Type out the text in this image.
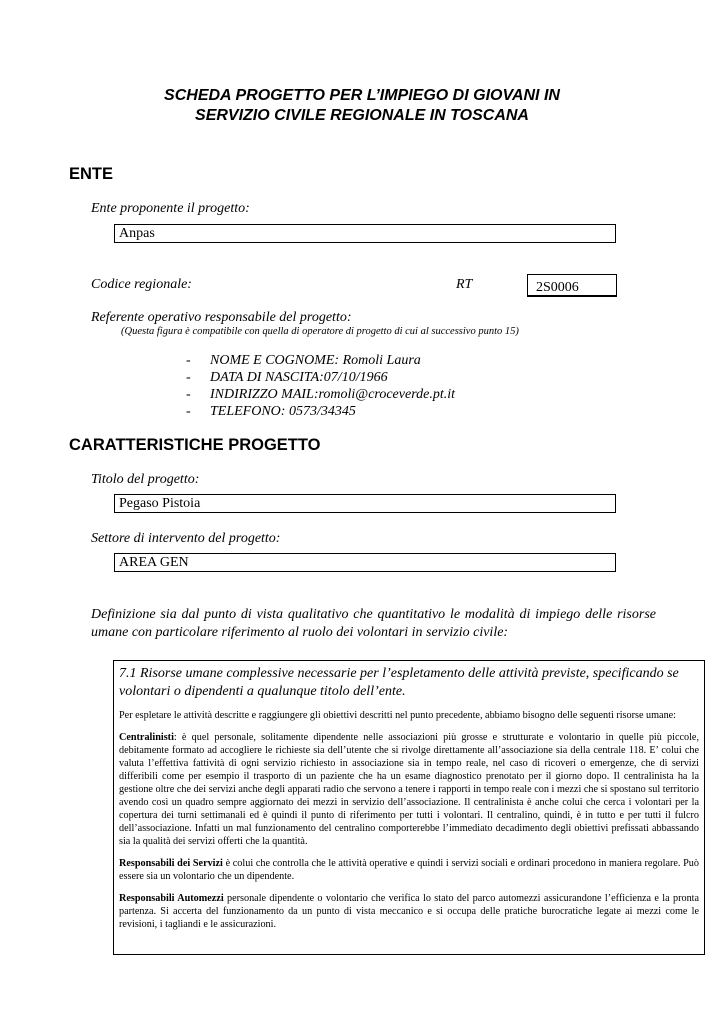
SCHEDA PROGETTO PER L’IMPIEGO DI GIOVANI IN
SERVIZIO CIVILE REGIONALE IN TOSCANA
ENTE
Ente proponente il progetto:
Anpas
Codice regionale:	RT	2S0006
Referente operativo responsabile del progetto:
(Questa figura è compatibile con quella di operatore di progetto di cui al successivo punto 15)
-	NOME E COGNOME: Romoli Laura
-	DATA DI NASCITA:07/10/1966
-	INDIRIZZO MAIL:romoli@croceverde.pt.it
-	TELEFONO: 0573/34345
CARATTERISTICHE PROGETTO
Titolo del progetto:
Pegaso Pistoia
Settore di intervento del progetto:
AREA GEN
Definizione sia dal punto di vista qualitativo che quantitativo le modalità di impiego delle risorse umane con particolare riferimento al ruolo dei volontari in servizio civile:
7.1 Risorse umane complessive necessarie per l’espletamento delle attività previste, specificando se volontari o dipendenti a qualunque titolo dell’ente.

Per espletare le attività descritte e raggiungere gli obiettivi descritti nel punto precedente, abbiamo bisogno delle seguenti risorse umane:

Centralinisti: è quel personale, solitamente dipendente nelle associazioni più grosse e strutturate e volontario in quelle più piccole, debitamente formato ad accogliere le richieste sia dell’utente che si rivolge direttamente all’associazione sia della centrale 118. E’ colui che valuta l’effettiva fattività di ogni servizio richiesto in associazione sia in tempo reale, nel caso di ricoveri o emergenze, che di servizi differibili come per esempio il trasporto di un paziente che ha un esame diagnostico prenotato per il giorno dopo. Il centralinista ha la gestione oltre che dei servizi anche degli apparati radio che servono a tenere i rapporti in tempo reale con i mezzi che si spostano sul territorio avendo così un quadro sempre aggiornato dei mezzi in servizio dell’associazione. Il centralinista è anche colui che cerca i volontari per la copertura dei turni settimanali ed è quindi il punto di riferimento per tutti i volontari. Il centralino, quindi, è in tutto e per tutti il fulcro dell’associazione. Infatti un mal funzionamento del centralino comporterebbe l’immediato decadimento degli obiettivi prefissati abbassando sia la qualità dei servizi offerti che la quantità.

Responsabili dei Servizi è colui che controlla che le attività operative e quindi i servizi sociali e ordinari procedono in maniera regolare. Può essere sia un volontario che un dipendente.

Responsabili Automezzi personale dipendente o volontario che verifica lo stato del parco automezzi assicurandone l’efficienza e la pronta partenza. Si accerta del funzionamento da un punto di vista meccanico e si occupa delle pratiche burocratiche legate ai mezzi come le revisioni, i tagliandi e le assicurazioni.
